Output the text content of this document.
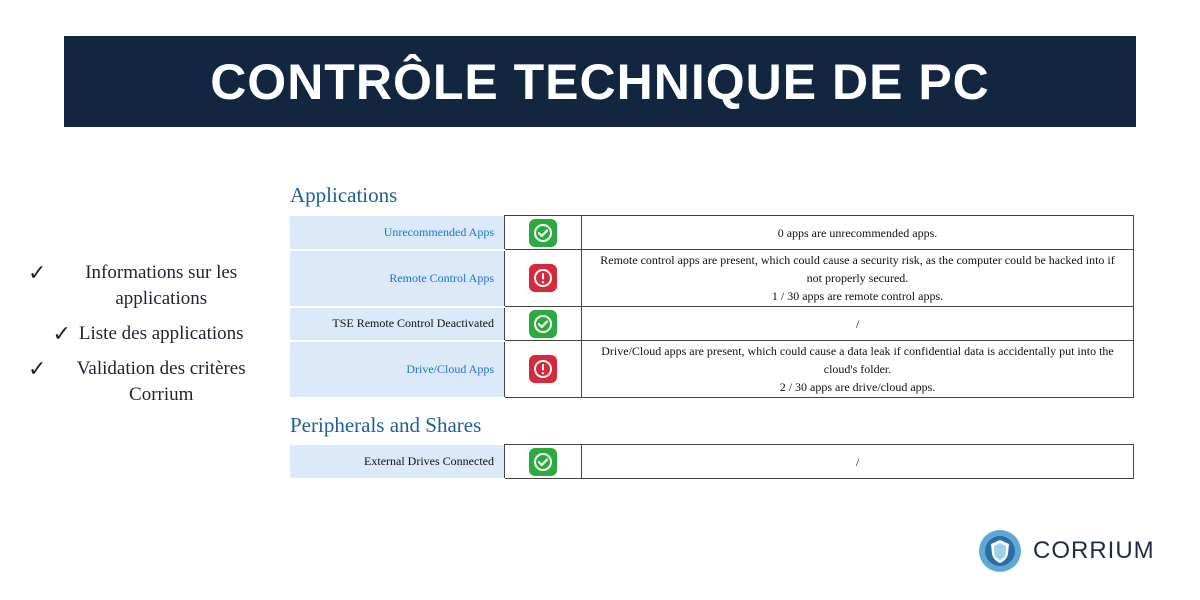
CONTRÔLE TECHNIQUE DE PC
✓	Informations sur les applications
✓ Liste des applications
✓	Validation des critères Corrium
Applications
Unrecommended Apps		0 apps are unrecommended apps.
Remote Control Apps		Remote control apps are present, which could cause a security risk, as the computer could be hacked into if
not properly secured.
1 / 30 apps are remote control apps.

TSE Remote Control Deactivated		/
Drive/Cloud Apps		Drive/Cloud apps are present, which could cause a data leak if confidential data is accidentally put into the
cloud's folder.
2 / 30 apps are drive/cloud apps.
Peripherals and Shares
External Drives Connected		/
CORRIUM
